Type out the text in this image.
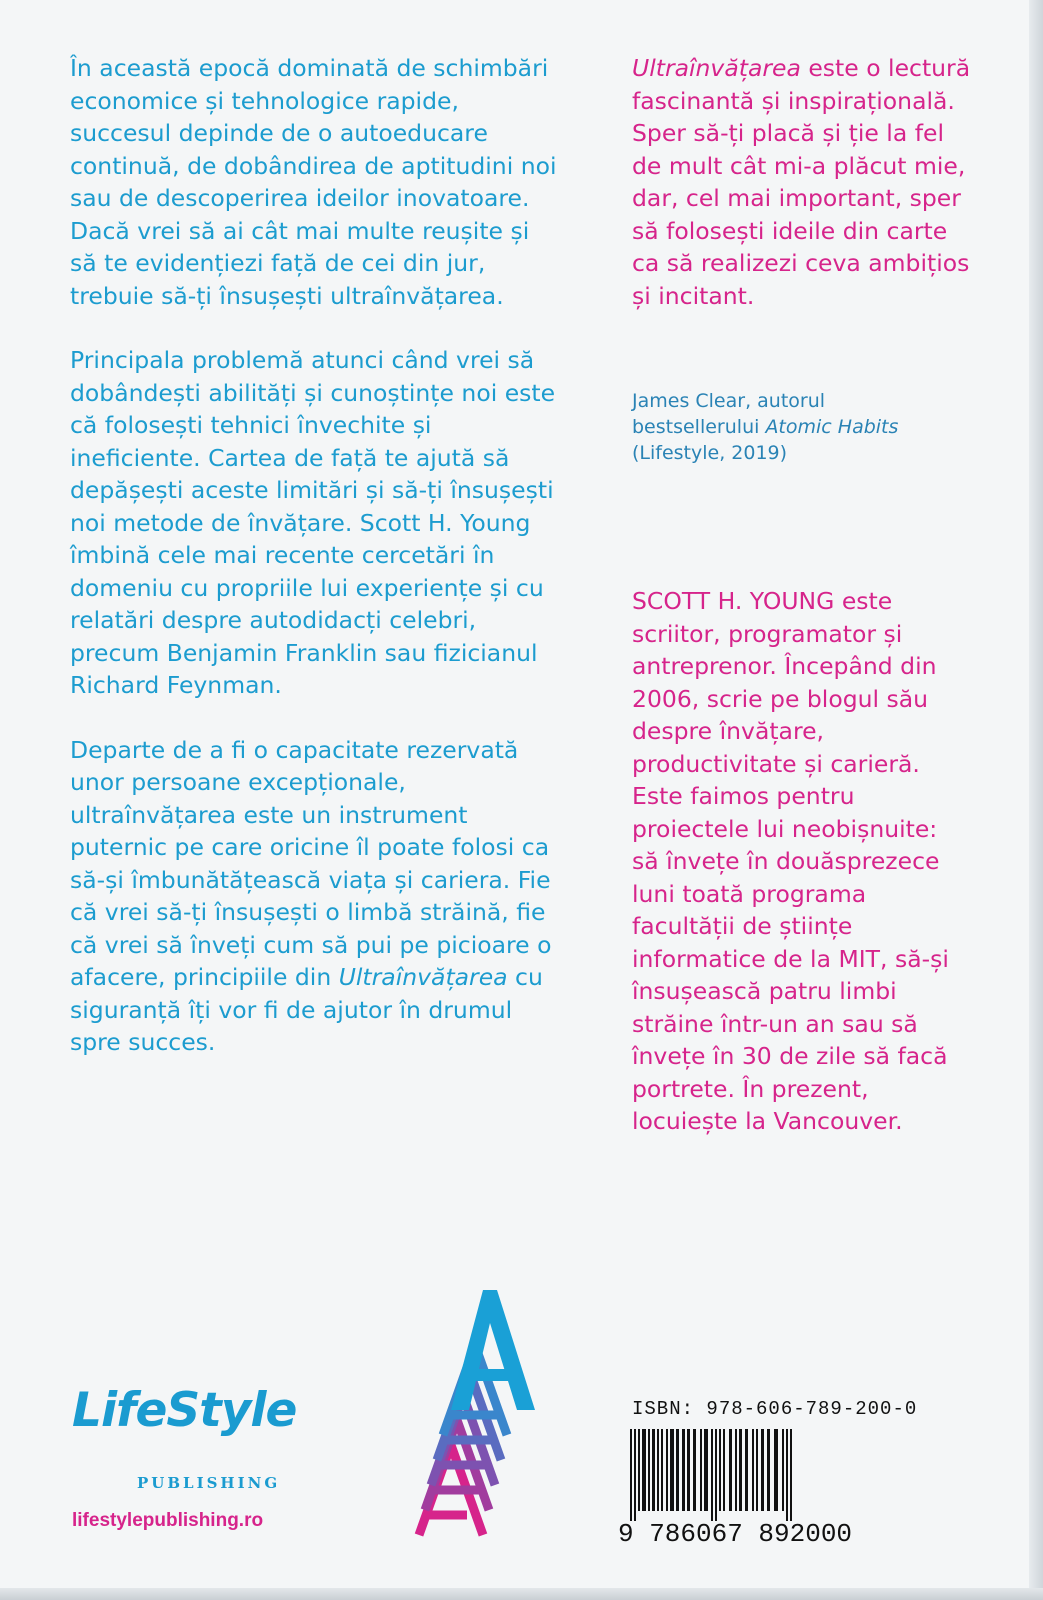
În această epocă dominată de schimbări economice și tehnologice rapide, succesul depinde de o autoeducare continuă, de dobândirea de aptitudini noi sau de descoperirea ideilor inovatoare. Dacă vrei să ai cât mai multe reușite și să te evidențiezi față de cei din jur, trebuie să-ți însușești ultraînvățarea.

Principala problemă atunci când vrei să dobândești abilități și cunoștințe noi este că folosești tehnici învechite și ineficiente. Cartea de față te ajută să depășești aceste limitări și să-ți însușești noi metode de învățare. Scott H. Young îmbină cele mai recente cercetări în domeniu cu propriile lui experiențe și cu relatări despre autodidacți celebri, precum Benjamin Franklin sau fizicianul Richard Feynman.

Departe de a fi o capacitate rezervată unor persoane excepționale, ultraînvățarea este un instrument puternic pe care oricine îl poate folosi ca să-și îmbunătățească viața și cariera. Fie că vrei să-ți însușești o limbă străină, fie că vrei să înveți cum să pui pe picioare o afacere, principiile din Ultraînvățarea cu siguranță îți vor fi de ajutor în drumul spre succes.

Ultraînvățarea este o lectură fascinantă și inspirațională. Sper să-ți placă și ție la fel de mult cât mi-a plăcut mie, dar, cel mai important, sper să folosești ideile din carte ca să realizezi ceva ambițios și incitant.

James Clear, autorul
bestsellerului Atomic Habits
(Lifestyle, 2019)

SCOTT H. YOUNG este scriitor, programator și antreprenor. Începând din 2006, scrie pe blogul său despre învățare, productivitate și carieră. Este faimos pentru proiectele lui neobișnuite: să învețe în douăsprezece luni toată programa facultății de științe informatice de la MIT, să-și însușească patru limbi străine într-un an sau să învețe în 30 de zile să facă portrete. În prezent, locuiește la Vancouver.

LifeStyle
PUBLISHING
lifestylepublishing.ro
ISBN: 978-606-789-200-0
9 786067 892000
